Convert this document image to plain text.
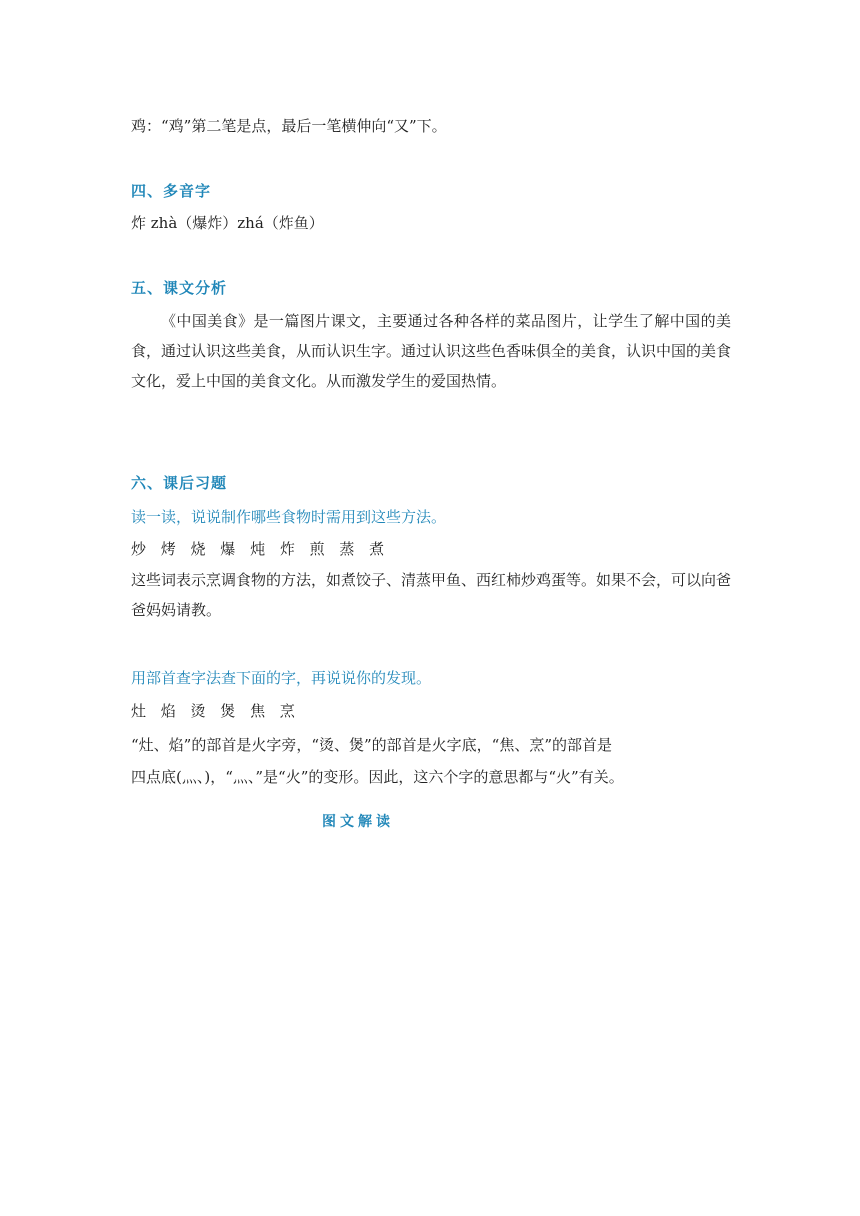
鸡：“鸡”第二笔是点，最后一笔横伸向“又”下。
四、多音字
炸 zhà（爆炸）zhá（炸鱼）
五、课文分析
《中国美食》是一篇图片课文，主要通过各种各样的菜品图片，让学生了解中国的美食，通过认识这些美食，从而认识生字。通过认识这些色香味俱全的美食，认识中国的美食文化，爱上中国的美食文化。从而激发学生的爱国热情。
六、课后习题
读一读，说说制作哪些食物时需用到这些方法。
炒 烤 烧 爆 炖 炸 煎 蒸 煮
这些词表示烹调食物的方法，如煮饺子、清蒸甲鱼、西红柿炒鸡蛋等。如果不会，可以向爸爸妈妈请教。
用部首查字法查下面的字，再说说你的发现。
灶 焰 烫 煲 焦 烹
“灶、焰”的部首是火字旁，“烫、煲”的部首是火字底，“焦、烹”的部首是
四点底(灬、)，“灬、”是“火”的变形。因此，这六个字的意思都与“火”有关。
图文解读
